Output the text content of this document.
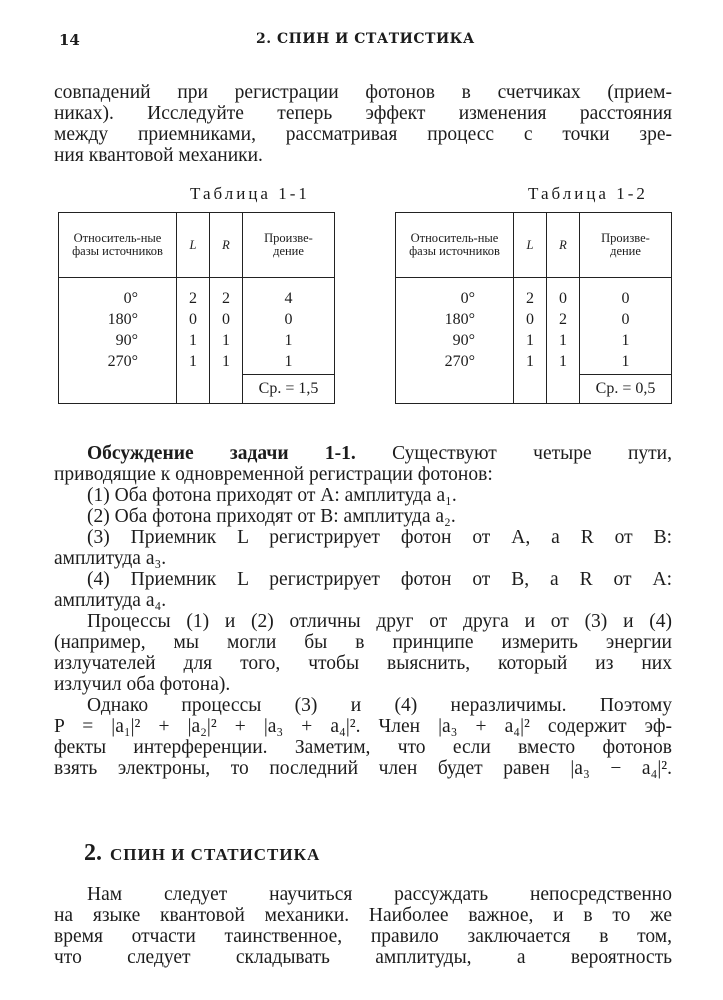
14	2. СПИН И СТАТИСТИКА
совпадений при регистрации фотонов в счетчиках (прием-
никах). Исследуйте теперь эффект изменения расстояния
между приемниками, рассматривая процесс с точки зре-
ния квантовой механики.
Таблица 1-1
Относитель-ные фазы источников	L	R	Произве-дение
0°	2	2	4
180°	0	0	0
90°	1	1	1
270°	1	1	1
			Ср. = 1,5
Таблица 1-2
Относитель-ные фазы источников	L	R	Произве-дение
0°	2	0	0
180°	0	2	0
90°	1	1	1
270°	1	1	1
			Ср. = 0,5
Обсуждение задачи 1-1. Существуют четыре пути,
приводящие к одновременной регистрации фотонов:
(1) Оба фотона приходят от A: амплитуда a₁.
(2) Оба фотона приходят от B: амплитуда a₂.
(3) Приемник L регистрирует фотон от A, а R от B:
амплитуда a₃.
(4) Приемник L регистрирует фотон от B, а R от A:
амплитуда a₄.
Процессы (1) и (2) отличны друг от друга и от (3) и (4)
(например, мы могли бы в принципе измерить энергии
излучателей для того, чтобы выяснить, который из них
излучил оба фотона).
Однако процессы (3) и (4) неразличимы. Поэтому
P = |a₁|² + |a₂|² + |a₃ + a₄|². Член |a₃ + a₄|² содержит эф-
фекты интерференции. Заметим, что если вместо фотонов
взять электроны, то последний член будет равен |a₃ − a₄|².
2. СПИН И СТАТИСТИКА
Нам следует научиться рассуждать непосредственно
на языке квантовой механики. Наиболее важное, и в то же
время отчасти таинственное, правило заключается в том,
что следует складывать амплитуды, а вероятность
